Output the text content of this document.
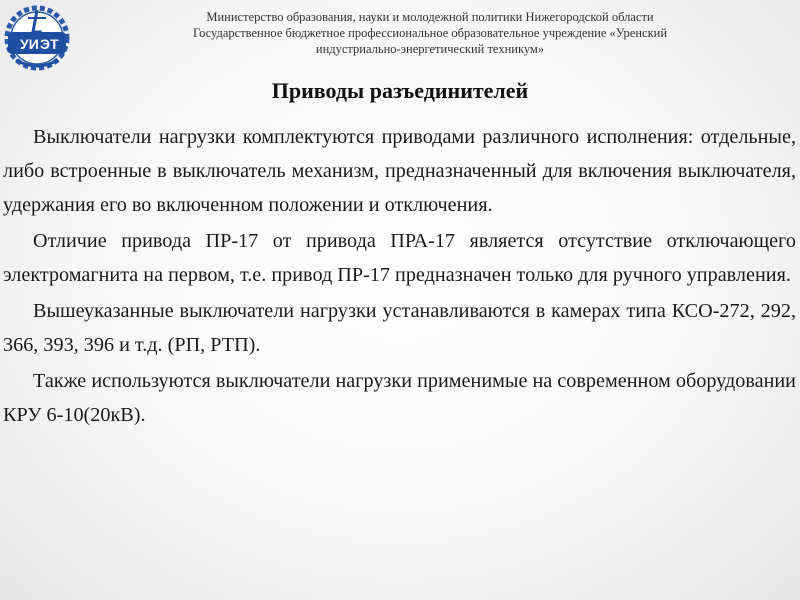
УИ ЭТ
Министерство образования, науки и молодежной политики Нижегородской области
Государственное бюджетное профессиональное образовательное учреждение «Уренский
индустриально-энергетический техникум»
Приводы разъединителей

Выключатели нагрузки комплектуются приводами различного исполнения: отдельные, либо встроенные в выключатель механизм, предназначенный для включения выключателя, удержания его во включенном положении и отключения.

Отличие привода ПР-17 от привода ПРА-17 является отсутствие отключающего электромагнита на первом, т.е. привод ПР-17 предназначен только для ручного управления.

Вышеуказанные выключатели нагрузки устанавливаются в камерах типа КСО-272, 292, 366, 393, 396 и т.д. (РП, РТП).

Также используются выключатели нагрузки применимые на современном оборудовании КРУ 6-10(20кВ).
